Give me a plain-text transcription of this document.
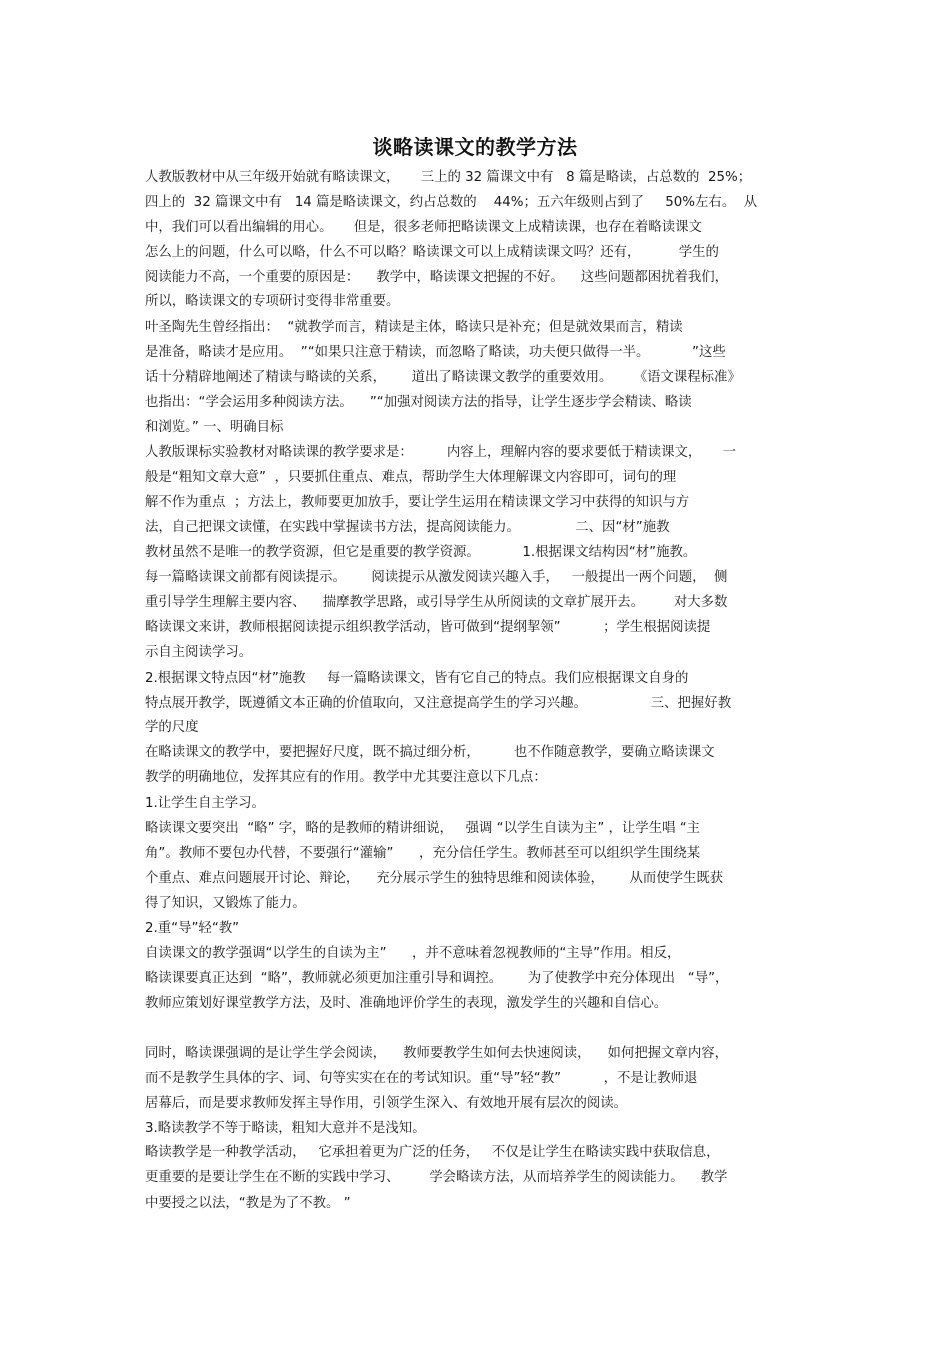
谈略读课文的教学方法
人教版教材中从三年级开始就有略读课文，     三上的 32 篇课文中有   8 篇是略读，占总数的  25%；
四上的  32 篇课文中有   14 篇是略读课文，约占总数的    44%；五六年级则占到了     50%左右。  从
中，我们可以看出编辑的用心。     但是，很多老师把略读课文上成精读课，也存在着略读课文
怎么上的问题，什么可以略，什么不可以略？略读课文可以上成精读课文吗？还有，         学生的
阅读能力不高，一个重要的原因是：    教学中，略读课文把握的不好。    这些问题都困扰着我们，
所以，略读课文的专项研讨变得非常重要。
叶圣陶先生曾经指出：  “就教学而言，精读是主体，略读只是补充；但是就效果而言，精读
是准备，略读才是应用。  ”“如果只注意于精读，而忽略了略读，功夫便只做得一半。          ”这些
话十分精辟地阐述了精读与略读的关系，      道出了略读课文教学的重要效用。     《语文课程标准》
也指出：“学会运用多种阅读方法。    ”“加强对阅读方法的指导，让学生逐步学会精读、略读
和浏览。” 一、明确目标
人教版课标实验教材对略读课的教学要求是：        内容上，理解内容的要求要低于精读课文，     一
般是“粗知文章大意”  ，只要抓住重点、难点，帮助学生大体理解课文内容即可，词句的理
解不作为重点  ；方法上，教师要更加放手，要让学生运用在精读课文学习中获得的知识与方
法，自己把课文读懂，在实践中掌握读书方法，提高阅读能力。             二、因“材”施教
教材虽然不是唯一的教学资源，但它是重要的教学资源。          1.根据课文结构因“材”施教。
每一篇略读课文前都有阅读提示。      阅读提示从激发阅读兴趣入手，   一般提出一两个问题，  侧
重引导学生理解主要内容、    揣摩教学思路，或引导学生从所阅读的文章扩展开去。       对大多数
略读课文来讲，教师根据阅读提示组织教学活动，皆可做到“提纲挈领”          ；学生根据阅读提
示自主阅读学习。
2.根据课文特点因“材”施教     每一篇略读课文，皆有它自己的特点。我们应根据课文自身的
特点展开教学，既遵循文本正确的价值取向，又注意提高学生的学习兴趣。               三、把握好教
学的尺度
在略读课文的教学中，要把握好尺度，既不搞过细分析，        也不作随意教学，要确立略读课文
教学的明确地位，发挥其应有的作用。教学中尤其要注意以下几点：
1.让学生自主学习。
略读课文要突出  “略” 字，略的是教师的精讲细说，   强调 “以学生自读为主” ，让学生唱 “主
角”。教师不要包办代替，不要强行“灌输”      ，充分信任学生。教师甚至可以组织学生围绕某
个重点、难点问题展开讨论、辩论，    充分展示学生的独特思维和阅读体验，      从而使学生既获
得了知识，又锻炼了能力。
2.重“导”轻“教”
自读课文的教学强调“以学生的自读为主”      ，并不意味着忽视教师的“主导”作用。相反，
略读课要真正达到  “略”，教师就必须更加注重引导和调控。      为了使教学中充分体现出   “导”，
教师应策划好课堂教学方法，及时、准确地评价学生的表现，激发学生的兴趣和自信心。
同时，略读课强调的是让学生学会阅读，    教师要教学生如何去快速阅读，    如何把握文章内容，
而不是教学生具体的字、词、句等实实在在的考试知识。重“导”轻“教”          ，不是让教师退
居幕后，而是要求教师发挥主导作用，引领学生深入、有效地开展有层次的阅读。
3.略读教学不等于略读，粗知大意并不是浅知。
略读教学是一种教学活动，   它承担着更为广泛的任务，   不仅是让学生在略读实践中获取信息，
更重要的是要让学生在不断的实践中学习、       学会略读方法，从而培养学生的阅读能力。    教学
中要授之以法，“教是为了不教。 ”
